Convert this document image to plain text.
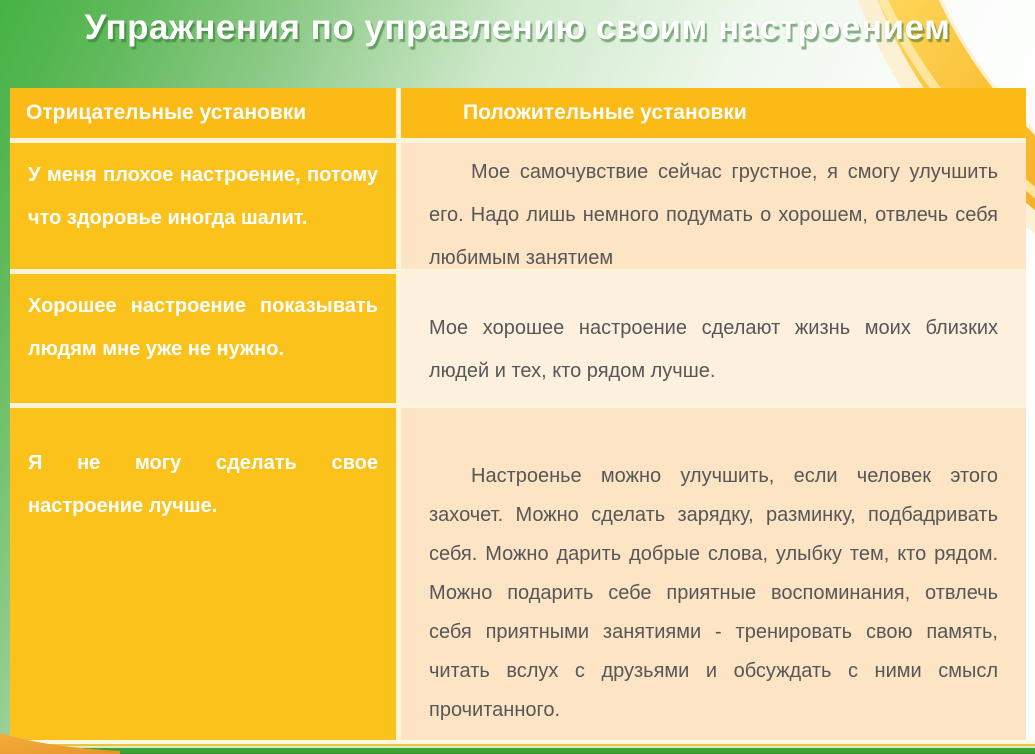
Упражнения по управлению своим настроением

Отрицательные установки	Положительные установки

У меня плохое настроение, потому что здоровье иногда шалит.

Мое самочувствие сейчас грустное, я смогу улучшить его. Надо лишь немного подумать о хорошем, отвлечь себя любимым занятием

Хорошее настроение показывать людям мне уже не нужно.

Мое хорошее настроение сделают жизнь моих близких людей и тех, кто рядом лучше.

Я не могу сделать свое настроение лучше.

Настроенье можно улучшить, если человек этого захочет. Можно сделать зарядку, разминку, подбадривать себя. Можно дарить добрые слова, улыбку тем, кто рядом. Можно подарить себе приятные воспоминания, отвлечь себя приятными занятиями - тренировать свою память, читать вслух с друзьями и обсуждать с ними смысл прочитанного.
